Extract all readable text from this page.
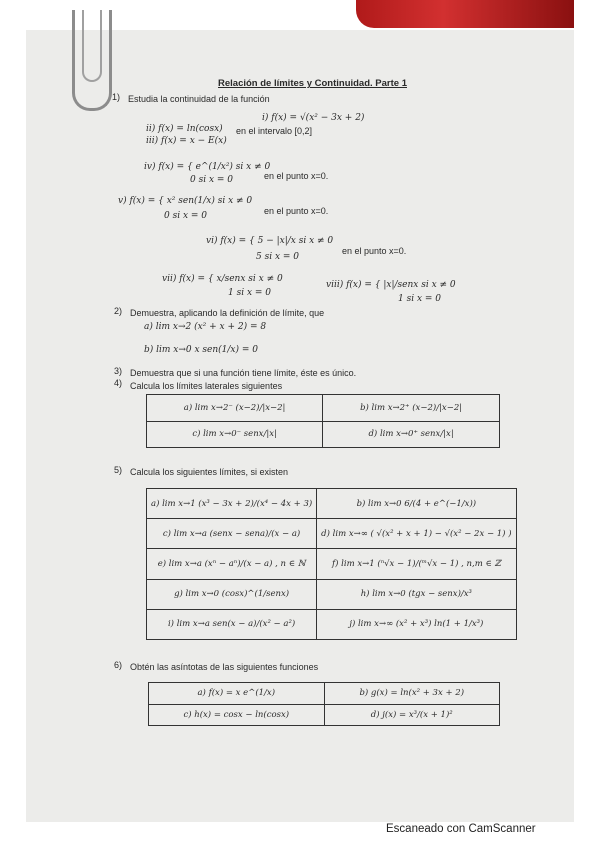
Relación de límites y Continuidad. Parte 1
1) Estudia la continuidad de la función
i) f(x) = √(x² − 3x + 2)
ii) f(x) = ln(cosx) en el intervalo [0,2]
iii) f(x) = x − E(x)
iv) f(x) = { e^(1/x²) si x ≠ 0
0 si x = 0	en el punto x=0.
v) f(x) = { x² sen(1/x) si x ≠ 0
0 si x = 0	en el punto x=0.
vi) f(x) = { 5 − |x|/x si x ≠ 0
5 si x = 0
en el punto x=0.
vii) f(x) = { x/senx si x ≠ 0
1 si x = 0
viii) f(x) = { |x|/senx si x ≠ 0
1 si x = 0
2) Demuestra, aplicando la definición de límite, que
a) lim x→2 (x² + x + 2) = 8
b) lim x→0 x sen(1/x) = 0
3) Demuestra que si una función tiene límite, éste es único.
4) Calcula los límites laterales siguientes
a) lim x→2⁻ (x−2)/|x−2|	b) lim x→2⁺ (x−2)/|x−2|
c) lim x→0⁻ senx/|x|	d) lim x→0⁺ senx/|x|
5) Calcula los siguientes límites, si existen
a) lim x→1 (x³ − 3x + 2)/(x⁴ − 4x + 3)	b) lim x→0 6/(4 + e^(−1/x))
c) lim x→a (senx − sena)/(x − a)	d) lim x→∞ ( √(x² + x + 1) − √(x² − 2x − 1) )
e) lim x→a (xⁿ − aⁿ)/(x − a) , n ∈ ℕ	f) lim x→1 (ⁿ√x − 1)/(ᵐ√x − 1) , n,m ∈ ℤ
g) lim x→0 (cosx)^(1/senx)	h) lim x→0 (tgx − senx)/x³
i) lim x→a sen(x − a)/(x² − a²)	j) lim x→∞ (x² + x³) ln(1 + 1/x³)
6) Obtén las asíntotas de las siguientes funciones
a) f(x) = x e^(1/x)	b) g(x) = ln(x² + 3x + 2)
c) h(x) = cosx − ln(cosx)	d) j(x) = x³/(x + 1)²
Escaneado con CamScanner
